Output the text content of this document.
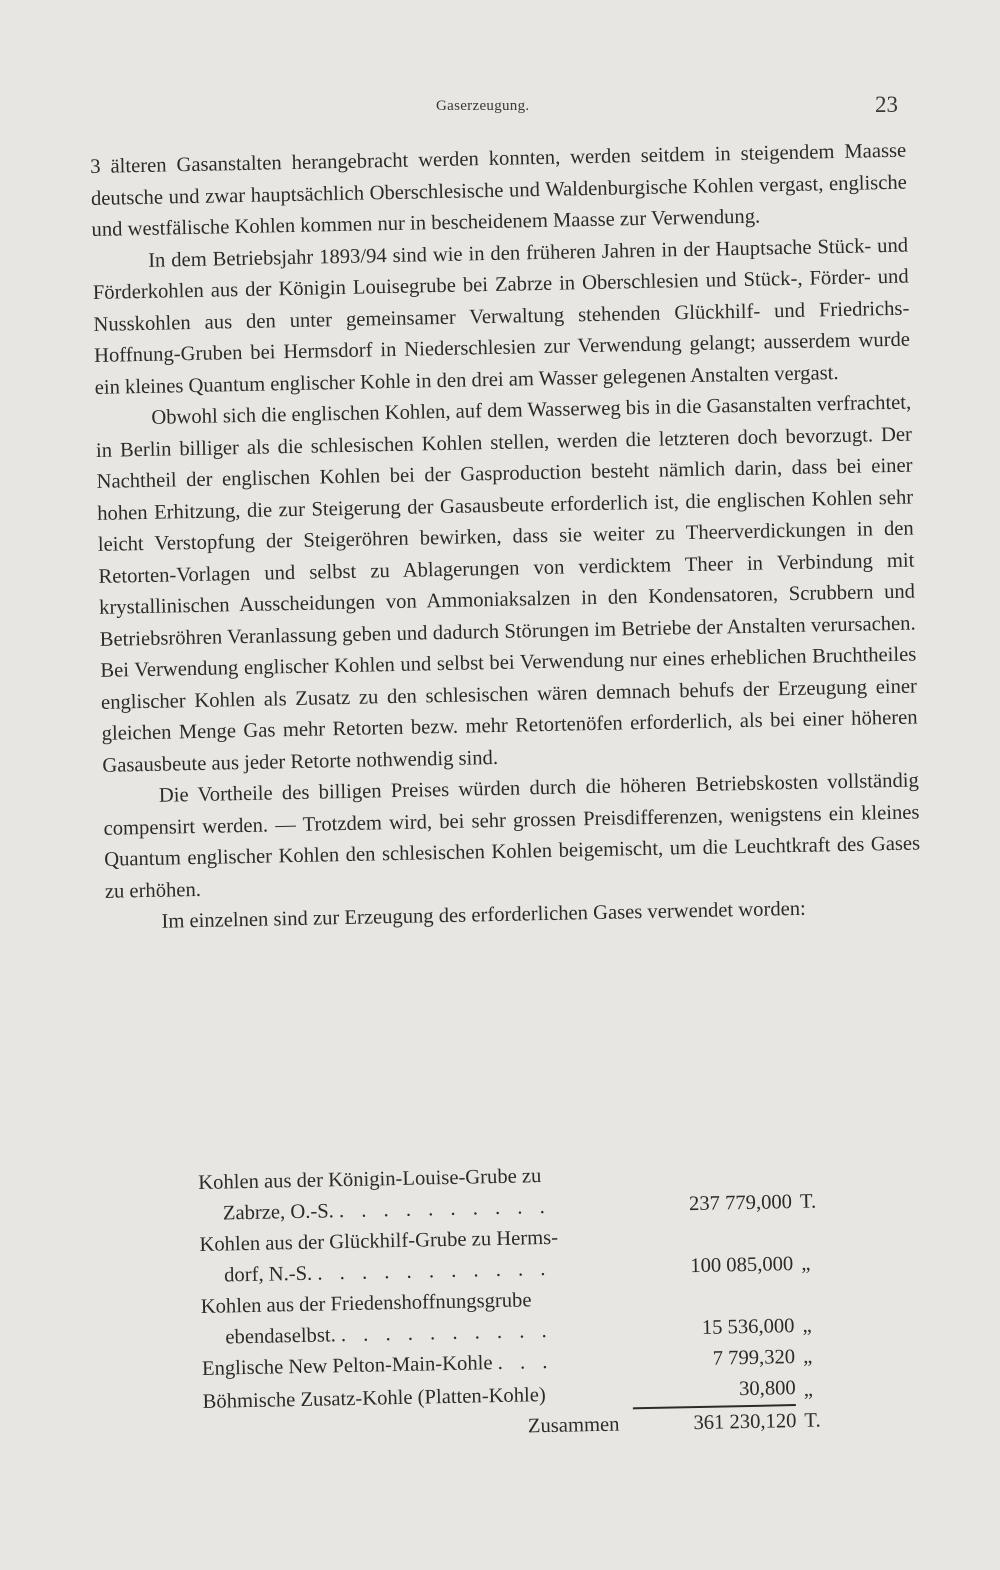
Gaserzeugung.	23

3 älteren Gasanstalten herangebracht werden konnten, werden seitdem in steigendem Maasse deutsche und zwar hauptsächlich Oberschlesische und Waldenburgische Kohlen vergast, englische und westfälische Kohlen kommen nur in bescheidenem Maasse zur Verwendung.

In dem Betriebsjahr 1893/94 sind wie in den früheren Jahren in der Hauptsache Stück- und Förderkohlen aus der Königin Louisegrube bei Zabrze in Oberschlesien und Stück-, Förder- und Nusskohlen aus den unter gemeinsamer Verwaltung stehenden Glückhilf- und Friedrichs-Hoffnung-Gruben bei Hermsdorf in Niederschlesien zur Verwendung gelangt; ausserdem wurde ein kleines Quantum englischer Kohle in den drei am Wasser gelegenen Anstalten vergast.

Obwohl sich die englischen Kohlen, auf dem Wasserweg bis in die Gasanstalten verfrachtet, in Berlin billiger als die schlesischen Kohlen stellen, werden die letzteren doch bevorzugt. Der Nachtheil der englischen Kohlen bei der Gasproduction besteht nämlich darin, dass bei einer hohen Erhitzung, die zur Steigerung der Gasausbeute erforderlich ist, die englischen Kohlen sehr leicht Verstopfung der Steigeröhren bewirken, dass sie weiter zu Theerverdickungen in den Retorten-Vorlagen und selbst zu Ablagerungen von verdicktem Theer in Verbindung mit krystallinischen Ausscheidungen von Ammoniaksalzen in den Kondensatoren, Scrubbern und Betriebsröhren Veranlassung geben und dadurch Störungen im Betriebe der Anstalten verursachen. Bei Verwendung englischer Kohlen und selbst bei Verwendung nur eines erheblichen Bruchtheiles englischer Kohlen als Zusatz zu den schlesischen wären demnach behufs der Erzeugung einer gleichen Menge Gas mehr Retorten bezw. mehr Retortenöfen erforderlich, als bei einer höheren Gasausbeute aus jeder Retorte nothwendig sind.

Die Vortheile des billigen Preises würden durch die höheren Betriebskosten vollständig compensirt werden. — Trotzdem wird, bei sehr grossen Preisdifferenzen, wenigstens ein kleines Quantum englischer Kohlen den schlesischen Kohlen beigemischt, um die Leuchtkraft des Gases zu erhöhen.

Im einzelnen sind zur Erzeugung des erforderlichen Gases verwendet worden:

Kohlen aus der Königin-Louise-Grube zu
Zabrze, O.-S. . . . . . . . . . .	237 779,000 T.
Kohlen aus der Glückhilf-Grube zu Herms-
dorf, N.-S. . . . . . . . . . . .	100 085,000 „
Kohlen aus der Friedenshoffnungsgrube
ebendaselbst. . . . . . . . . . .	15 536,000 „
Englische New Pelton-Main-Kohle . . .	7 799,320 „
Böhmische Zusatz-Kohle (Platten-Kohle)	30,800 „
Zusammen	361 230,120 T.
